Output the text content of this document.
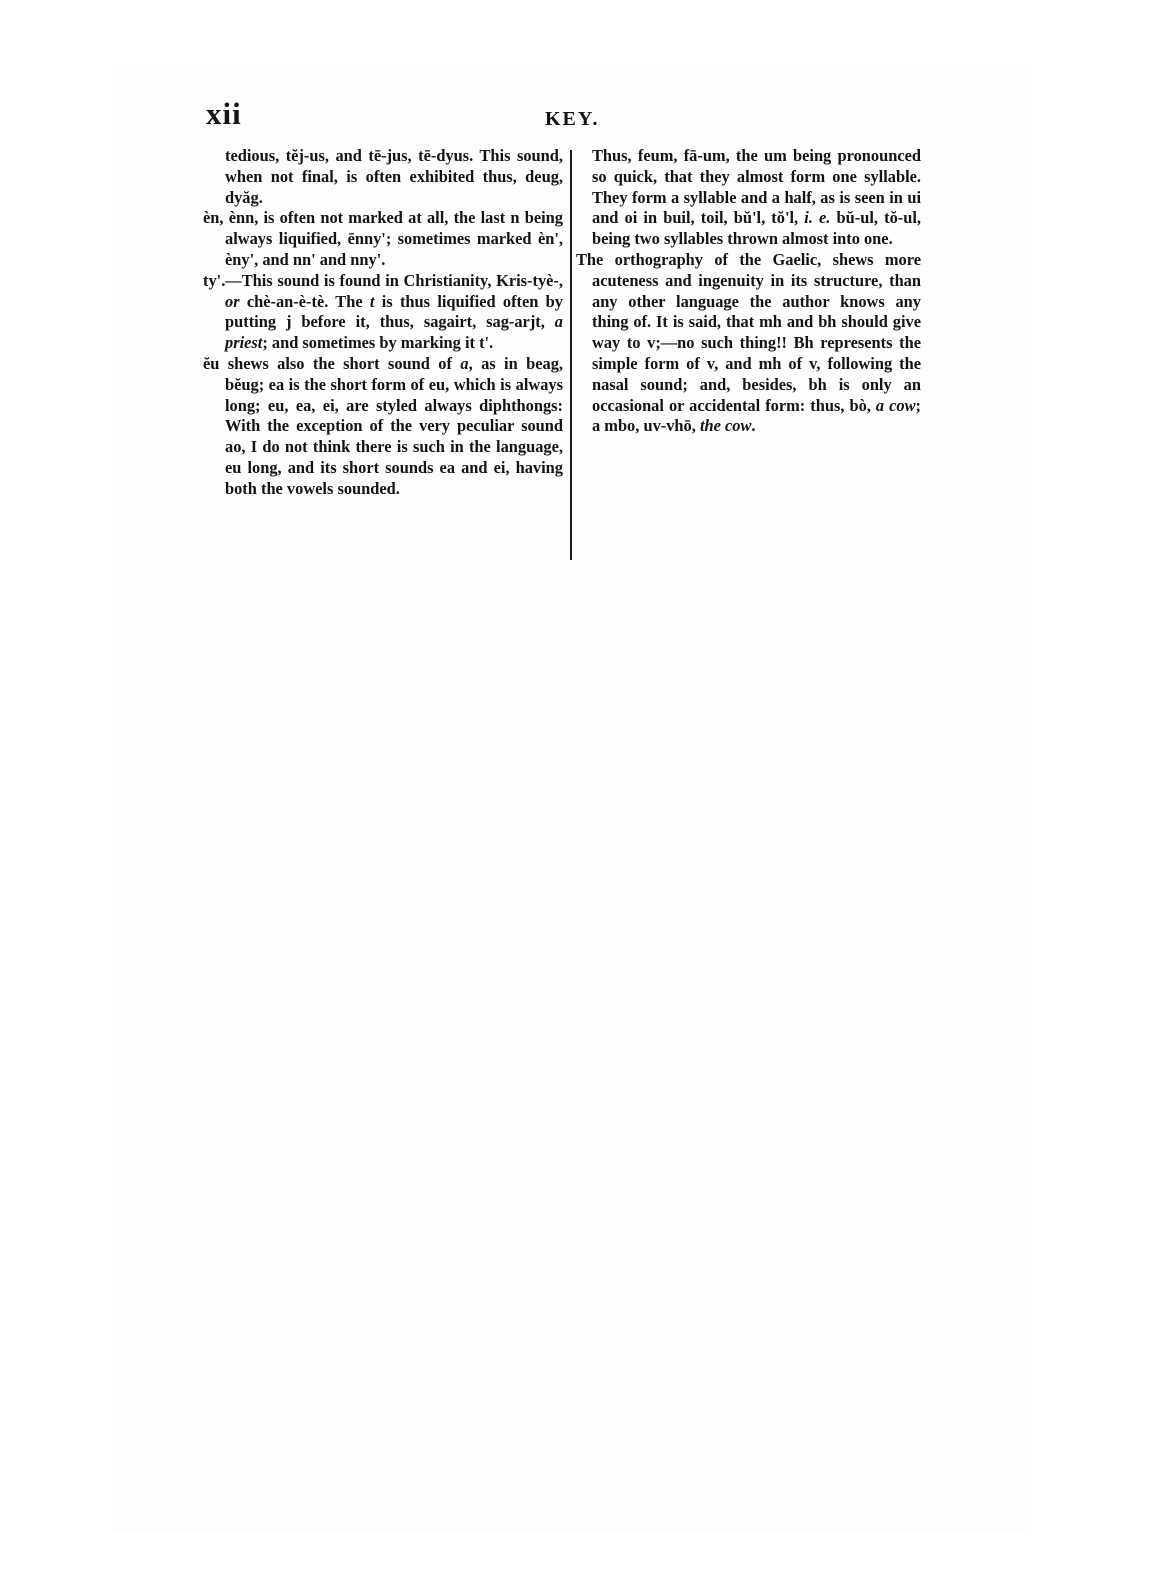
xii	KEY.

tedious, tĕj-us, and tē-jus, tē-dyus. This sound, when not final, is often exhibited thus, deug, dyăg.

èn, ènn, is often not marked at all, the last n being always liquified, ēnny'; sometimes marked èn', èny', and nn' and nny'.

ty'.—This sound is found in Christianity, Kris-tyè-, or chè-an-è-tè. The t is thus liquified often by putting j before it, thus, sagairt, sag-arjt, a priest; and sometimes by marking it t'.

ĕu shews also the short sound of a, as in beag, bĕug; ea is the short form of eu, which is always long; eu, ea, ei, are styled always diphthongs: With the exception of the very peculiar sound ao, I do not think there is such in the language, eu long, and its short sounds ea and ei, having both the vowels sounded.

Thus, feum, fā-um, the um being pronounced so quick, that they almost form one syllable. They form a syllable and a half, as is seen in ui and oi in buil, toil, bŭ'l, tŏ'l, i. e. bŭ-ul, tŏ-ul, being two syllables thrown almost into one.

The orthography of the Gaelic, shews more acuteness and ingenuity in its structure, than any other language the author knows any thing of. It is said, that mh and bh should give way to v;—no such thing!! Bh represents the simple form of v, and mh of v, following the nasal sound; and, besides, bh is only an occasional or accidental form: thus, bò, a cow; a mbo, uv-vhō, the cow.
